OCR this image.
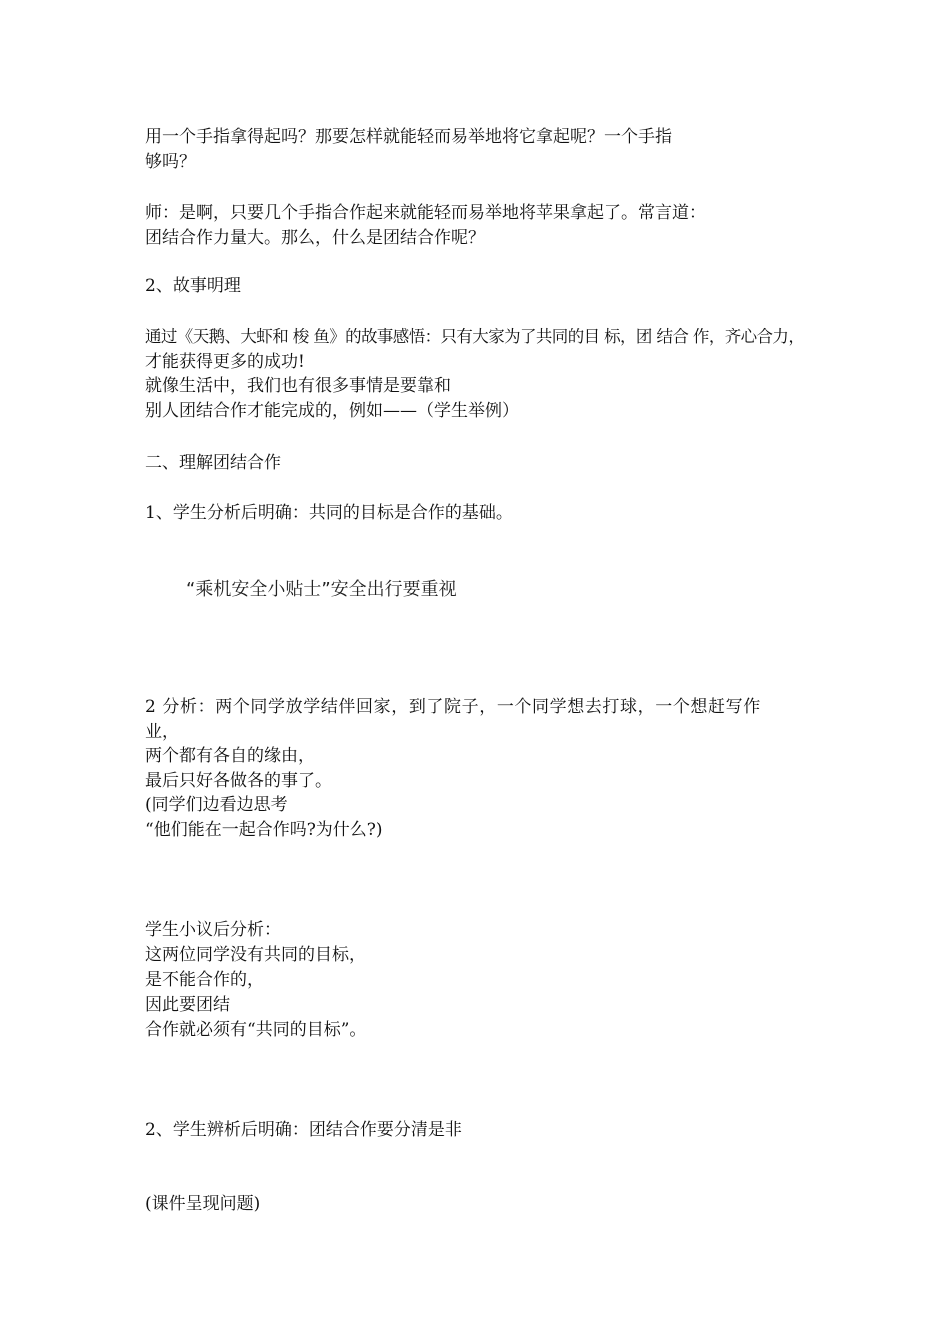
用一个手指拿得起吗？那要怎样就能轻而易举地将它拿起呢？一个手指

够吗？

师：是啊，只要几个手指合作起来就能轻而易举地将苹果拿起了。常言道：

团结合作力量大。那么，什么是团结合作呢？

2、故事明理

通过《天鹅、大虾和 梭 鱼》的故事感悟：只有大家为了共同的目 标，团 结合 作，齐心合力，

才能获得更多的成功!

就像生活中，我们也有很多事情是要靠和

别人团结合作才能完成的，例如——（学生举例）

二、理解团结合作

1、学生分析后明确：共同的目标是合作的基础。

“乘机安全小贴士”安全出行要重视

2 分析：两个同学放学结伴回家，到了院子，一个同学想去打球，一个想赶写作

业，

两个都有各自的缘由，

最后只好各做各的事了。

(同学们边看边思考

“他们能在一起合作吗?为什么?)

学生小议后分析：

这两位同学没有共同的目标，

是不能合作的，

因此要团结

合作就必须有“共同的目标”。

2、学生辨析后明确：团结合作要分清是非

(课件呈现问题)
